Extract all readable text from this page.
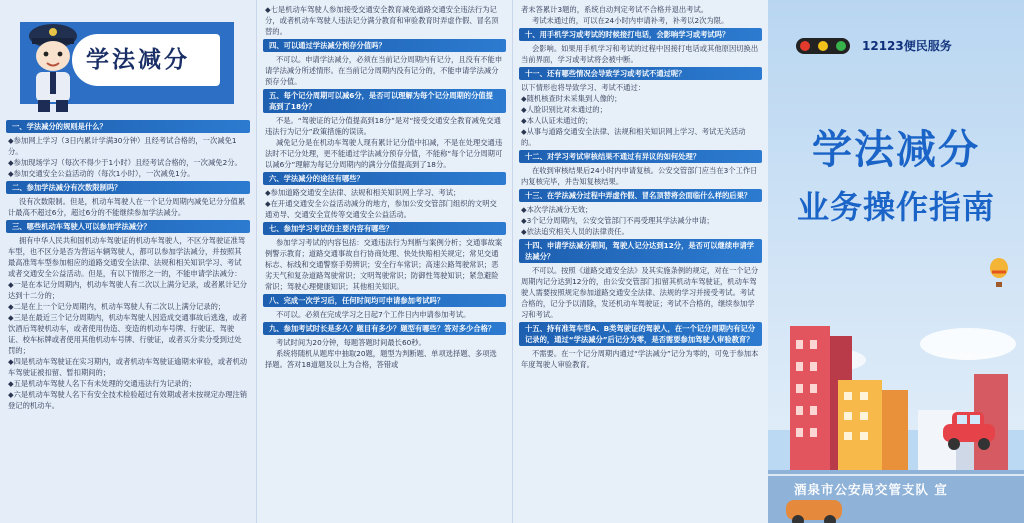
学法减分
一、学法减分的规则是什么？
◆参加网上学习（3日内累计学满30分钟）且经考试合格的，一次减免1分。
◆参加现场学习（每次不得少于1小时）且经考试合格的，一次减免2分。
◆参加交通安全公益活动的（每次1小时），一次减免1分。
二、参加学法减分有次数限制吗？
没有次数限制。但是，机动车驾驶人在一个记分周期内减免记分分值累计最高不超过6分，超过6分的不能继续参加学法减分。
三、哪些机动车驾驶人可以参加学法减分？
拥有中华人民共和国机动车驾驶证的机动车驾驶人，不区分驾驶证准驾车型，也不区分是否为营运车辆驾驶人，都可以参加学法减分，并按照其最高准驾车型参加相应的道路交通安全法律、法规和相关知识学习、考试或者交通安全公益活动。但是，有以下情形之一的，不能申请学法减分：
◆一是在本记分周期内，机动车驾驶人有二次以上满分记录，或者累计记分达到十二分的；
◆二是在上一个记分周期内，机动车驾驶人有二次以上满分记录的；
◆三是在最近三个记分周期内，机动车驾驶人因造成交通事故后逃逸，或者饮酒后驾驶机动车，或者使用伪造、变造的机动车号牌、行驶证、驾驶证、校车标牌或者使用其他机动车号牌、行驶证，或者买分卖分受到过处罚的；
◆四是机动车驾驶证在实习期内，或者机动车驾驶证逾期未审验，或者机动车驾驶证被扣留、暂扣期间的；
◆五是机动车驾驶人名下有未处理的交通违法行为记录的；
◆六是机动车驾驶人名下有安全技术检验超过有效期或者未按规定办理注销登记的机动车。
◆七是机动车驾驶人参加接受交通安全教育减免道路交通安全违法行为记分，或者机动车驾驶人违法记分满分教育和审验教育时弄虚作假、冒名顶替的。
四、可以通过学法减分预存分值吗？
不可以。申请学法减分，必须在当前记分周期内有记分，且没有不能申请学法减分所述情形。在当前记分周期内没有记分的，不能申请学法减分预存分值。
五、每个记分周期可以减6分，是否可以理解为每个记分周期的分值提高到了18分？
不是。“驾驶证的记分值提高到18分”是对“接受交通安全教育减免交通违法行为记分”政策措施的误读。
减免记分是在机动车驾驶人现有累计记分值中扣减，不是在处理交通违法时不记分处理，更不能通过学法减分预存分值，不能称“每个记分周期可以减6分”理解为每记分周期内的满分分值提高到了18分。
六、学法减分的途径有哪些？
◆参加道路交通安全法律、法规和相关知识网上学习、考试；
◆在开通交通安全公益活动减分的地方，参加公安交管部门组织的文明交通劝导、交通安全宣传等交通安全公益活动。
七、参加学习考试的主要内容有哪些？
参加学习考试的内容包括：交通违法行为判断与案例分析；交通事故案例警示教育；道路交通事故自行协商处理、快处快赔相关规定；常见交通标志、标线和交通警察手势辨识；安全行车常识；高速公路驾驶常识；恶劣天气和复杂道路驾驶常识；文明驾驶常识；防御性驾驶知识；紧急避险常识；驾驶心理健康知识；其他相关知识。
八、完成一次学习后，任何时间均可申请参加考试吗？
不可以。必须在完成学习之日起7个工作日内申请参加考试。
九、参加考试时长是多久？题目有多少？题型有哪些？答对多少合格？
考试时间为20分钟，每题答题时间最长60秒。
系统将随机从题库中抽取20题，题型为判断题、单项选择题、多项选择题。答对18道题及以上为合格，答错或
者未答累计3题的，系统自动判定考试不合格并退出考试。
考试未通过的，可以在24小时内申请补考，补考以2次为限。
十、用手机学习或考试的时候接打电话，会影响学习或考试吗？
会影响。如果用手机学习和考试的过程中因接打电话或其他原因切换出当前界面，学习或考试将会被中断。
十一、还有哪些情况会导致学习或考试不通过呢？
以下情形也将导致学习、考试不通过：
◆随机核查时未采集到人像的；
◆人脸识别比对未通过的；
◆本人认证未通过的；
◆从事与道路交通安全法律、法规和相关知识网上学习、考试无关活动的。
十二、对学习考试审核结果不通过有异议的如何处理？
在收到审核结果后24小时内申请复核。公安交管部门应当在3个工作日内复核完毕，并告知复核结果。
十三、在学法减分过程中弄虚作假、冒名顶替将会面临什么样的后果？
◆本次学法减分无效；
◆3个记分周期内，公安交管部门不再受理其学法减分申请；
◆依法追究相关人员的法律责任。
十四、申请学法减分期间，驾驶人记分达到12分，是否可以继续申请学法减分？
不可以。按照《道路交通安全法》及其实施条例的规定，对在一个记分周期内记分达到12分的，由公安交管部门扣留其机动车驾驶证，机动车驾驶人需要按照规定参加道路交通安全法律、法规的学习并接受考试。考试合格的，记分予以清除，发还机动车驾驶证；考试不合格的，继续参加学习和考试。
十五、持有准驾车型A、B类驾驶证的驾驶人，在一个记分周期内有记分记录的，通过“学法减分”后记分为零，是否需要参加驾驶人审验教育？
不需要。在一个记分周期内通过“学法减分”记分为零的，可免于参加本年度驾驶人审验教育。
12123便民服务
学法减分
业务操作指南
酒泉市公安局交管支队 宣
